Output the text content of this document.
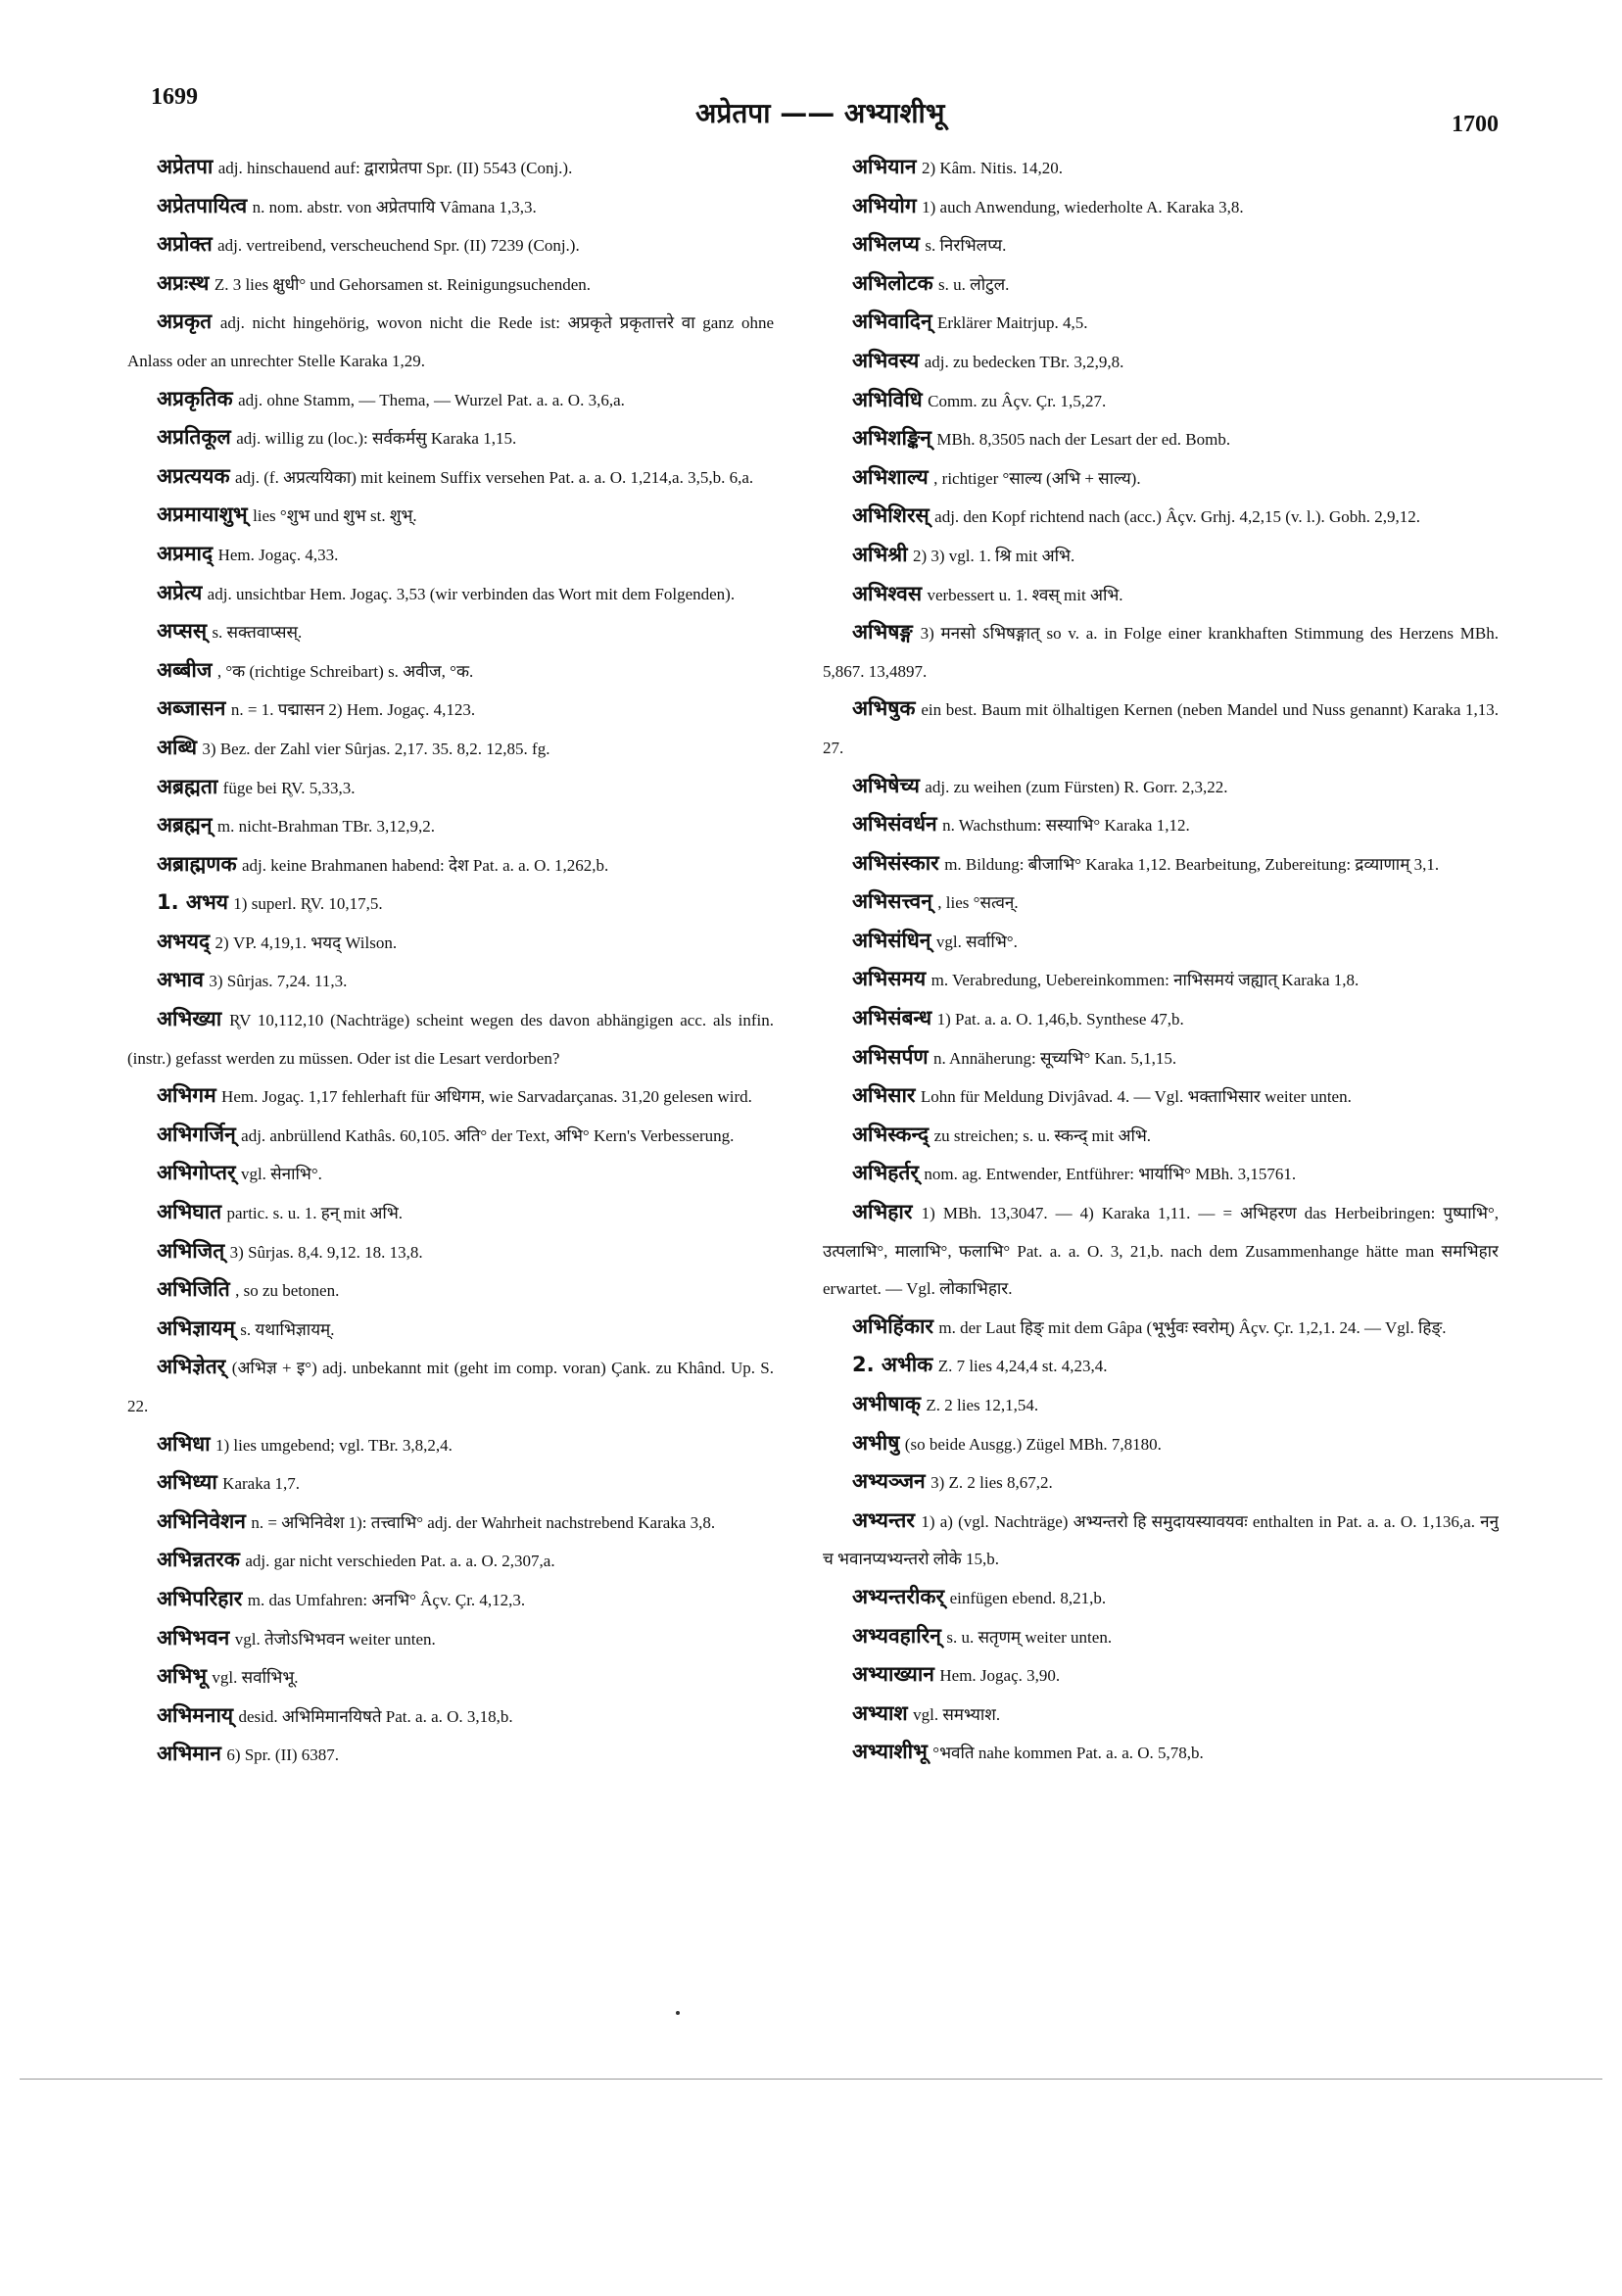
1699	अप्रेतपा —— अभ्याशीभू	1700

अप्रेतपा adj. hinschauend auf: द्वाराप्रेतपा Spr. (II) 5543 (Conj.).

अप्रेतपायित्व n. nom. abstr. von अप्रेतपायि Vâmana 1,3,3.

अप्रोक्त adj. vertreibend, verscheuchend Spr. (II) 7239 (Conj.).

अप्रःस्थ Z. 3 lies क्षुधी° und Gehorsamen st. Reinigungsuchenden.

अप्रकृत adj. nicht hingehörig, wovon nicht die Rede ist: अप्रकृते प्रकृतात्तरे वा ganz ohne Anlass oder an unrechter Stelle Karaka 1,29.

अप्रकृतिक adj. ohne Stamm, — Thema, — Wurzel Pat. a. a. O. 3,6,a.

अप्रतिकूल adj. willig zu (loc.): सर्वकर्मसु Karaka 1,15.

अप्रत्ययक adj. (f. अप्रत्ययिका) mit keinem Suffix versehen Pat. a. a. O. 1,214,a. 3,5,b. 6,a.

अप्रमायाशुभ् lies °शुभ und शुभ st. शुभ्.

अप्रमाद् Hem. Jogaç. 4,33.

अप्रेत्य adj. unsichtbar Hem. Jogaç. 3,53 (wir verbinden das Wort mit dem Folgenden).

अप्सस् s. सक्तवाप्सस्.

अब्बीज , °क (richtige Schreibart) s. अवीज, °क.

अब्जासन n. = 1. पद्मासन 2) Hem. Jogaç. 4,123.

अब्धि 3) Bez. der Zahl vier Sûrjas. 2,17. 35. 8,2. 12,85. fg.

अब्रह्मता füge bei R̥V. 5,33,3.

अब्रह्मन् m. nicht-Brahman TBr. 3,12,9,2.

अब्राह्मणक adj. keine Brahmanen habend: देश Pat. a. a. O. 1,262,b.

1. अभय 1) superl. R̥V. 10,17,5.

अभयद् 2) VP. 4,19,1. भयद् Wilson.

अभाव 3) Sûrjas. 7,24. 11,3.

अभिख्या R̥V 10,112,10 (Nachträge) scheint wegen des davon abhängigen acc. als infin. (instr.) gefasst werden zu müssen. Oder ist die Lesart verdorben?

अभिगम Hem. Jogaç. 1,17 fehlerhaft für अधिगम, wie Sarvadarçanas. 31,20 gelesen wird.

अभिगर्जिन् adj. anbrüllend Kathâs. 60,105. अति° der Text, अभि° Kern's Verbesserung.

अभिगोप्तर् vgl. सेनाभि°.

अभिघात partic. s. u. 1. हन् mit अभि.

अभिजित् 3) Sûrjas. 8,4. 9,12. 18. 13,8.

अभिजिति , so zu betonen.

अभिज्ञायम् s. यथाभिज्ञायम्.

अभिज्ञेतर् (अभिज्ञ + इ°) adj. unbekannt mit (geht im comp. voran) Çank. zu Khând. Up. S. 22.

अभिधा 1) lies umgebend; vgl. TBr. 3,8,2,4.

अभिध्या Karaka 1,7.

अभिनिवेशन n. = अभिनिवेश 1): तत्त्वाभि° adj. der Wahrheit nachstrebend Karaka 3,8.

अभिन्नतरक adj. gar nicht verschieden Pat. a. a. O. 2,307,a.

अभिपरिहार m. das Umfahren: अनभि° Âçv. Çr. 4,12,3.

अभिभवन vgl. तेजोऽभिभवन weiter unten.

अभिभू vgl. सर्वाभिभू.

अभिमनाय् desid. अभिमिमानयिषते Pat. a. a. O. 3,18,b.

अभिमान 6) Spr. (II) 6387.

अभियान 2) Kâm. Nitis. 14,20.

अभियोग 1) auch Anwendung, wiederholte A. Karaka 3,8.

अभिलप्य s. निरभिलप्य.

अभिलोटक s. u. लोटुल.

अभिवादिन् Erklärer Maitrjup. 4,5.

अभिवस्य adj. zu bedecken TBr. 3,2,9,8.

अभिविधि Comm. zu Âçv. Çr. 1,5,27.

अभिशङ्किन् MBh. 8,3505 nach der Lesart der ed. Bomb.

अभिशाल्य , richtiger °साल्य (अभि + साल्य).

अभिशिरस् adj. den Kopf richtend nach (acc.) Âçv. Grhj. 4,2,15 (v. l.). Gobh. 2,9,12.

अभिश्री 2) 3) vgl. 1. श्रि mit अभि.

अभिश्वस verbessert u. 1. श्वस् mit अभि.

अभिषङ्ग 3) मनसो ऽभिषङ्गात् so v. a. in Folge einer krankhaften Stimmung des Herzens MBh. 5,867. 13,4897.

अभिषुक ein best. Baum mit ölhaltigen Kernen (neben Mandel und Nuss genannt) Karaka 1,13. 27.

अभिषेच्य adj. zu weihen (zum Fürsten) R. Gorr. 2,3,22.

अभिसंवर्धन n. Wachsthum: सस्याभि° Karaka 1,12.

अभिसंस्कार m. Bildung: बीजाभि° Karaka 1,12. Bearbeitung, Zubereitung: द्रव्याणाम् 3,1.

अभिसत्त्वन् , lies °सत्वन्.

अभिसंधिन् vgl. सर्वाभि°.

अभिसमय m. Verabredung, Uebereinkommen: नाभिसमयं जह्यात् Karaka 1,8.

अभिसंबन्ध 1) Pat. a. a. O. 1,46,b. Synthese 47,b.

अभिसर्पण n. Annäherung: सूच्यभि° Kan. 5,1,15.

अभिसार Lohn für Meldung Divjâvad. 4. — Vgl. भक्ताभिसार weiter unten.

अभिस्कन्द् zu streichen; s. u. स्कन्द् mit अभि.

अभिहर्तर् nom. ag. Entwender, Entführer: भार्याभि° MBh. 3,15761.

अभिहार 1) MBh. 13,3047. — 4) Karaka 1,11. — = अभिहरण das Herbeibringen: पुष्पाभि°, उत्पलाभि°, मालाभि°, फलाभि° Pat. a. a. O. 3, 21,b. nach dem Zusammenhange hätte man समभिहार erwartet. — Vgl. लोकाभिहार.

अभिहिंकार m. der Laut हिङ् mit dem Gâpa (भूर्भुवः स्वरोम्) Âçv. Çr. 1,2,1. 24. — Vgl. हिङ्.

2. अभीक Z. 7 lies 4,24,4 st. 4,23,4.

अभीषाक् Z. 2 lies 12,1,54.

अभीषु (so beide Ausgg.) Zügel MBh. 7,8180.

अभ्यञ्जन 3) Z. 2 lies 8,67,2.

अभ्यन्तर 1) a) (vgl. Nachträge) अभ्यन्तरो हि समुदायस्यावयवः enthalten in Pat. a. a. O. 1,136,a. ननु च भवानप्यभ्यन्तरो लोके 15,b.

अभ्यन्तरीकर् einfügen ebend. 8,21,b.

अभ्यवहारिन् s. u. सतृणम् weiter unten.

अभ्याख्यान Hem. Jogaç. 3,90.

अभ्याश vgl. समभ्याश.

अभ्याशीभू °भवति nahe kommen Pat. a. a. O. 5,78,b.
